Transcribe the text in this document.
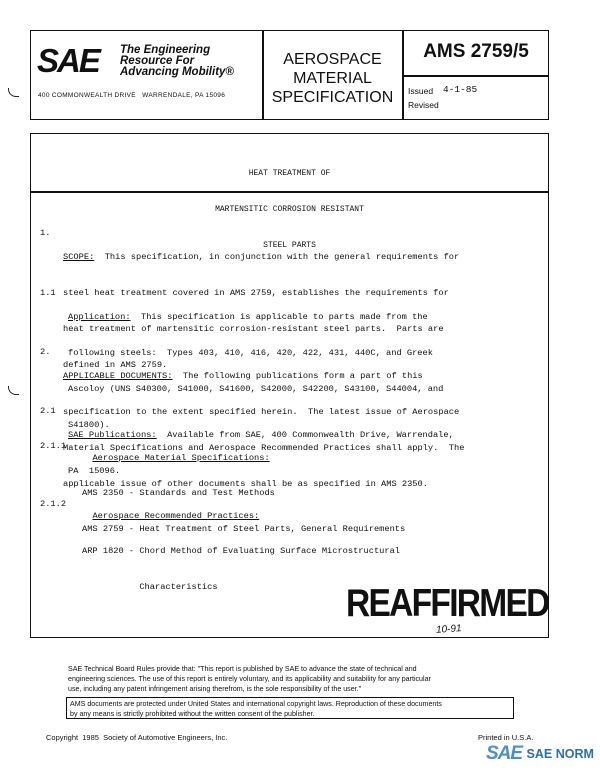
SAE The Engineering
Resource For
Advancing Mobility®
400 COMMONWEALTH DRIVE   WARRENDALE, PA 15096
AEROSPACE
MATERIAL
SPECIFICATION
AMS 2759/5
Issued 4-1-85
Revised

HEAT TREATMENT OF

MARTENSITIC CORROSION RESISTANT

STEEL PARTS

1.

SCOPE: This specification, in conjunction with the general requirements for

steel heat treatment covered in AMS 2759, establishes the requirements for

heat treatment of martensitic corrosion-resistant steel parts.  Parts are

defined in AMS 2759.

1.1

Application: This specification is applicable to parts made from the

following steels:  Types 403, 410, 416, 420, 422, 431, 440C, and Greek

Ascoloy (UNS S40300, S41000, S41600, S42000, S42200, S43100, S44004, and

S41800).

2.

APPLICABLE DOCUMENTS: The following publications form a part of this

specification to the extent specified herein.  The latest issue of Aerospace

Material Specifications and Aerospace Recommended Practices shall apply.  The

applicable issue of other documents shall be as specified in AMS 2350.

2.1

SAE Publications: Available from SAE, 400 Commonwealth Drive, Warrendale,

PA  15096.

2.1.1

Aerospace Material Specifications:

AMS 2350 - Standards and Test Methods

AMS 2759 - Heat Treatment of Steel Parts, General Requirements

2.1.2

Aerospace Recommended Practices:

ARP 1820 - Chord Method of Evaluating Surface Microstructural

Characteristics	REAFFIRMED
10-91
SAE Technical Board Rules provide that: "This report is published by SAE to advance the state of technical and
engineering sciences. The use of this report is entirely voluntary, and its applicability and suitability for any particular
use, including any patent infringement arising therefrom, is the sole responsibility of the user."
AMS documents are protected under United States and international copyright laws. Reproduction of these documents
by any means is strictly prohibited without the written consent of the publisher.
Copyright  1985  Society of Automotive Engineers, Inc.	Printed in U.S.A.
SAE SAE NORM
